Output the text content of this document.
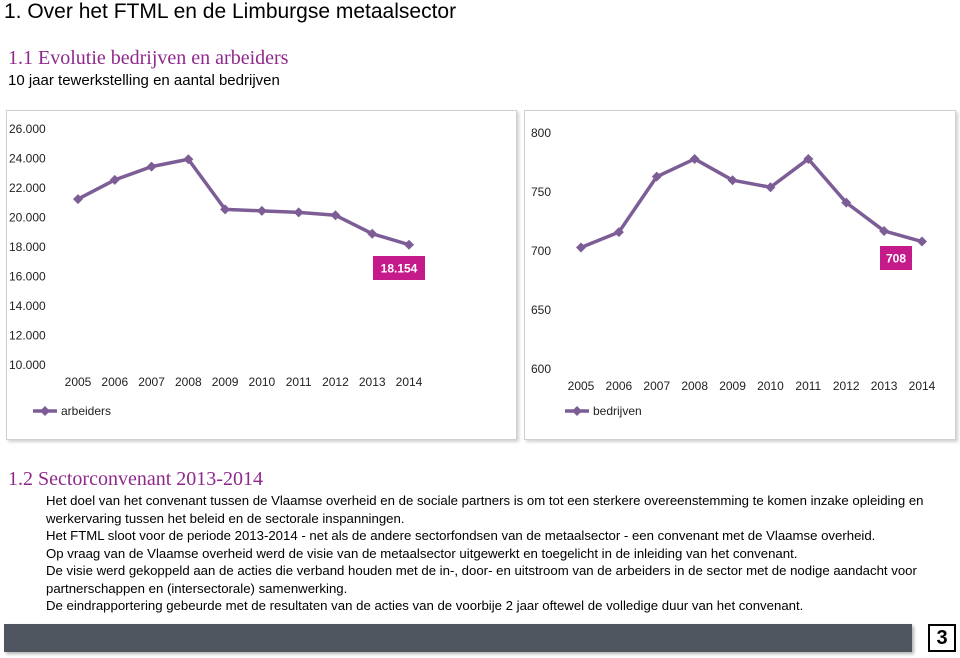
1. Over het FTML en de Limburgse metaalsector
1.1 Evolutie bedrijven en arbeiders
10 jaar tewerkstelling en aantal bedrijven
26.000
24.000
22.000
20.000
18.000
16.000
14.000
12.000
10.000
2005 2006 2007 2008 2009 2010 2011 2012 2013 2014
18.154
arbeiders
800
750
700
650
600
2005 2006 2007 2008 2009 2010 2011 2012 2013 2014
708
bedrijven
1.2 Sectorconvenant 2013-2014

Het doel van het convenant tussen de Vlaamse overheid en de sociale partners is om tot een sterkere overeenstemming te komen inzake opleiding en werkervaring tussen het beleid en de sectorale inspanningen.

Het FTML sloot voor de periode 2013-2014 - net als de andere sectorfondsen van de metaalsector - een convenant met de Vlaamse overheid.

Op vraag van de Vlaamse overheid werd de visie van de metaalsector uitgewerkt en toegelicht in de inleiding van het convenant.

De visie werd gekoppeld aan de acties die verband houden met de in-, door- en uitstroom van de arbeiders in de sector met de nodige aandacht voor partnerschappen en (intersectorale) samenwerking.

De eindrapportering gebeurde met de resultaten van de acties van de voorbije 2 jaar oftewel de volledige duur van het convenant.

3
